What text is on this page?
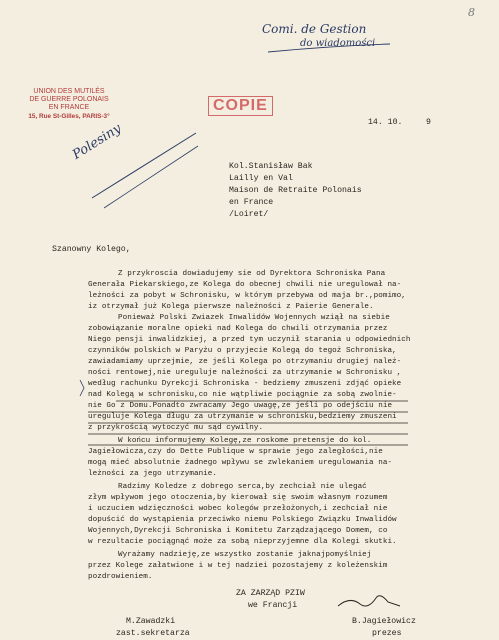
8
Comi. de Gestion
do wiadomości
UNION DES MUTILÉS
DE GUERRE POLONAIS
EN FRANCE
15, Rue St-Gilles, PARIS-3°
COPIE
14. 10.	9
Polesiny
Kol.Stanisław Bak
Lailly en Val
Maison de Retraite Polonais
en France
/Loiret/
Szanowny Kolego,
Z przykroscia dowiadujemy sie od Dyrektora Schroniska Pana
Generała Piekarskiego,ze Kolega do obecnej chwili nie uregulował na-
leżności za pobyt w Schronisku, w którym przebywa od maja br.,pomimo,
iz otrzymał już Kolega pierwsze należności z Paierie Generale.
Ponieważ Polski Zwiazek Inwalidów Wojennych wziął na siebie
zobowiązanie moralne opieki nad Kolega do chwili otrzymania przez
Niego pensji inwalidzkiej, a przed tym uczynił starania u odpowiednich
czynników polskich w Paryżu o przyjecie Kolegą do tegoż Schroniska,
zawiadamiamy uprzejmie, ze jeśli Kolega po otrzymaniu drugiej należ-
ności rentowej,nie ureguluje należności za utrzymanie w Schronisku ,
według rachunku Dyrekcji Schroniska - bedziemy zmuszeni zdjąć opieke
nad Kolegą w schronisku,co nie wątpliwie pociągnie za sobą zwolnie-
nie Go z Domu.Ponadto zwracamy Jego uwagę,ze jeśli po odejściu nie
ureguluje Kolega długu za utrzymanie w schronisku,bedziemy zmuszeni
z przykrością wytoczyć mu sąd cywilny.
W końcu informujemy Kolegę,ze roskome pretensje do kol.
Jagiełowicza,czy do Dette Publique w sprawie jego zaległości,nie
mogą mieć absolutnie żadnego wpływu se zwlekaniem uregulowania na-
leżności za jego utrzymanie.
Radzimy Koledze z dobrego serca,by zechciał nie ulegać
złym wpływom jego otoczenia,by kierował się swoim własnym rozumem
i uczuciem wdzięczności wobec kolegów przełożonych,i zechciał nie
dopuścić do wystąpienia przeciwko niemu Polskiego Związku Inwalidów
Wojennych,Dyrekcji Schroniska i Komitetu Zarządzającego Domem, co
w rezultacie pociągnąć może za sobą nieprzyjemne dla Kolegi skutki.
Wyrażamy nadzieję,ze wszystko zostanie jaknajpomyślniej
przez Kolege załatwione i w tej nadziei pozostajemy z koleżenskim
pozdrowieniem.
ZA ZARZĄD PZIW
we Francji
M.Zawadzki
zast.sekretarza
B.Jagiełowicz
prezes
